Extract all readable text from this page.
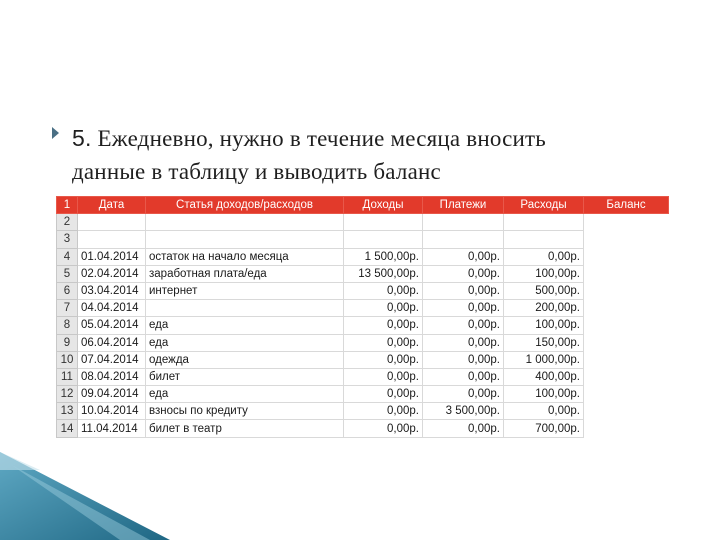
5. Ежедневно, нужно в течение месяца вносить
данные в таблицу и выводить баланс
1	Дата	Статья доходов/расходов	Доходы	Платежи	Расходы	Баланс
2						
3						
4	01.04.2014	остаток на начало месяца	1 500,00р.	0,00р.	0,00р.	
5	02.04.2014	заработная плата/еда	13 500,00р.	0,00р.	100,00р.	
6	03.04.2014	интернет	0,00р.	0,00р.	500,00р.	
7	04.04.2014		0,00р.	0,00р.	200,00р.	
8	05.04.2014	еда	0,00р.	0,00р.	100,00р.	
9	06.04.2014	еда	0,00р.	0,00р.	150,00р.	
10	07.04.2014	одежда	0,00р.	0,00р.	1 000,00р.	
11	08.04.2014	билет	0,00р.	0,00р.	400,00р.	
12	09.04.2014	еда	0,00р.	0,00р.	100,00р.	
13	10.04.2014	взносы по кредиту	0,00р.	3 500,00р.	0,00р.	
14	11.04.2014	билет в театр	0,00р.	0,00р.	700,00р.	
